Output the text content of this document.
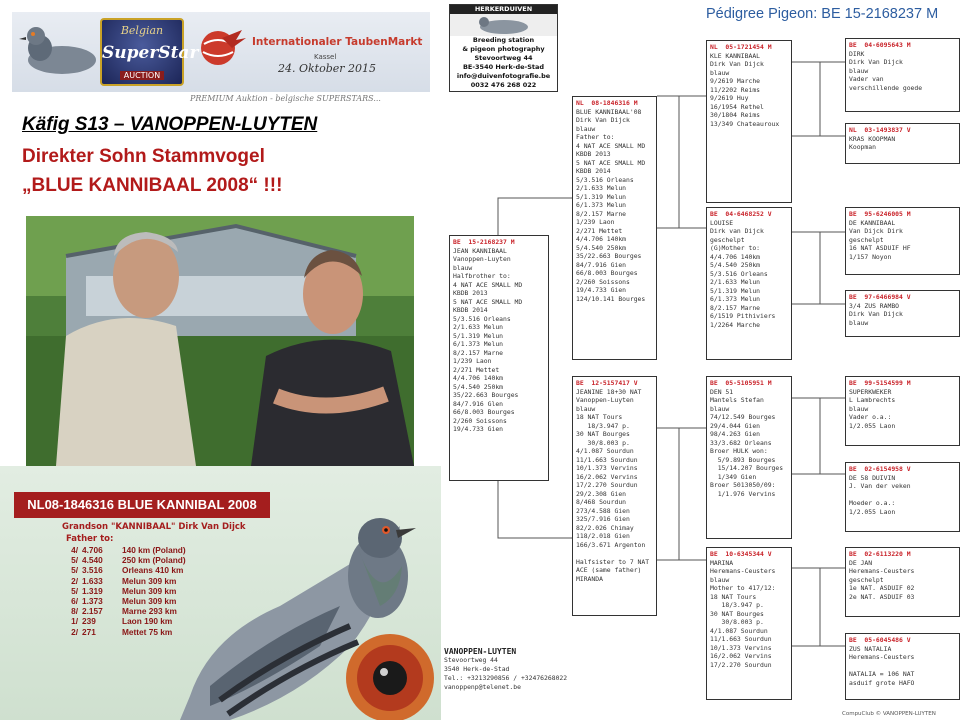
Belgian
SuperStar
AUCTION
Internationaler TaubenMarkt
Kassel
24. Oktober 2015
PREMIUM Auktion - belgische SUPERSTARS...
Käfig S13 – VANOPPEN-LUYTEN
Direkter Sohn Stammvogel
„BLUE KANNIBAAL 2008“ !!!
NL08-1846316 BLUE KANNIBAL 2008
Grandson "KANNIBAAL" Dirk Van Dijck
Father to:
4/ 4.706 140 km (Poland)
5/ 4.540 250 km (Poland)
5/ 3.516 Orleans 410 km
2/ 1.633 Melun 309 km
5/ 1.319 Melun 309 km
6/ 1.373 Melun 309 km
8/ 2.157 Marne 293 km
1/ 239	Laon 190 km
2/ 271	Mettet 75 km
HERKERDUIVEN
Breeding station
& pigeon photography
Stevoortweg 44
BE-3540 Herk-de-Stad
info@duivenfotografie.be
0032 476 268 022
Pédigree Pigeon: BE 15-2168237 M
BE  15-2168237 M
JEAN KANNIBAAL
Vanoppen-Luyten
blauw
Halfbrother to:
4 NAT ACE SMALL MD
KBDB 2013
5 NAT ACE SMALL MD
KBDB 2014
5/3.516 Orleans
2/1.633 Melun
5/1.319 Melun
6/1.373 Melun
8/2.157 Marne
1/239 Laon
2/271 Mettet
4/4.706 140km
5/4.540 250km
35/22.663 Bourges
84/7.916 Glen
66/8.003 Bourges
2/260 Soissons
19/4.733 Gien
NL  08-1846316 M
BLUE KANNIBAAL'08
Dirk Van Dijck
blauw
Father to:
4 NAT ACE SMALL MD
KBDB 2013
5 NAT ACE SMALL MD
KBDB 2014
5/3.516 Orleans
2/1.633 Melun
5/1.319 Melun
6/1.373 Melun
8/2.157 Marne
1/239 Laon
2/271 Mettet
4/4.706 140km
5/4.540 250km
35/22.663 Bourges
84/7.916 Gien
66/8.003 Bourges
2/260 Soissons
19/4.733 Gien
124/10.141 Bourges
BE  12-5157417 V
JEANINE 18+30 NAT
Vanoppen-Luyten
blauw
18 NAT Tours
18/3.947 p.
30 NAT Bourges
30/8.003 p.
4/1.087 Sourdun
11/1.663 Sourdun
10/1.373 Vervins
16/2.062 Vervins
17/2.270 Sourdun
29/2.308 Gien
8/468 Sourdun
273/4.588 Gien
325/7.916 Gien
82/2.026 Chimay
118/2.018 Gien
166/3.671 Argenton

Halfsister to 7 NAT
ACE (same father)
MIRANDA
NL  05-1721454 M
KLE KANNIBAAL
Dirk Van Dijck
blauw
9/2619 Marche
11/2202 Reims
9/2619 Huy
16/1954 Rethel
30/1804 Reims
13/349 Chateauroux
BE  04-6468252 V
LOUISE
Dirk van Dijck
geschelpt
(G)Mother to:
4/4.706 140km
5/4.540 250km
5/3.516 Orleans
2/1.633 Melun
5/1.319 Melun
6/1.373 Melun
8/2.157 Marne
6/1519 Pithiviers
1/2264 Marche
BE  05-5105951 M
DEN 51
Mantels Stefan
blauw
74/12.549 Bourges
29/4.044 Gien
98/4.263 Gien
33/3.682 Orleans
Broer HULK won:
5/9.893 Bourges
15/14.207 Bourges
1/349 Gien
Broer 5013050/09:
1/1.976 Vervins
BE  10-6345344 V
MARINA
Heremans-Ceusters
blauw
Mother to 417/12:
18 NAT Tours
18/3.947 p.
30 NAT Bourges
30/8.003 p.
4/1.087 Sourdun
11/1.663 Sourdun
10/1.373 Vervins
16/2.062 Vervins
17/2.270 Sourdun
BE  04-6095643 M
DIRK
Dirk Van Dijck
blauw
Vader van
verschillende goede
NL  03-1493837 V
KRAS KOOPMAN
Koopman
BE  95-6246005 M
DE KANNIBAAL
Van Dijck Dirk
geschelpt
16 NAT ASDUIF HF
1/157 Noyon
BE  97-6466984 V
3/4 ZUS RAMBO
Dirk Van Dijck
blauw
BE  99-5154599 M
SUPERKWEKER
L Lambrechts
blauw
Vader o.a.:
1/2.055 Laon
BE  02-6154958 V
DE 58 DUIVIN
J. Van der veken

Moeder o.a.:
1/2.055 Laon
BE  02-6113220 M
DE JAN
Heremans-Ceusters
geschelpt
1e NAT. ASDUIF 02
2e NAT. ASDUIF 03
BE  05-6045486 V
ZUS NATALIA
Heremans-Ceusters

NATALIA = 106 NAT
asduif grote HAFO
VANOPPEN-LUYTEN
Stevoortweg 44
3540 Herk-de-Stad
Tel.: +3213290856 / +32476268022
vanoppenp@telenet.be
CompuClub © VANOPPEN-LUYTEN
